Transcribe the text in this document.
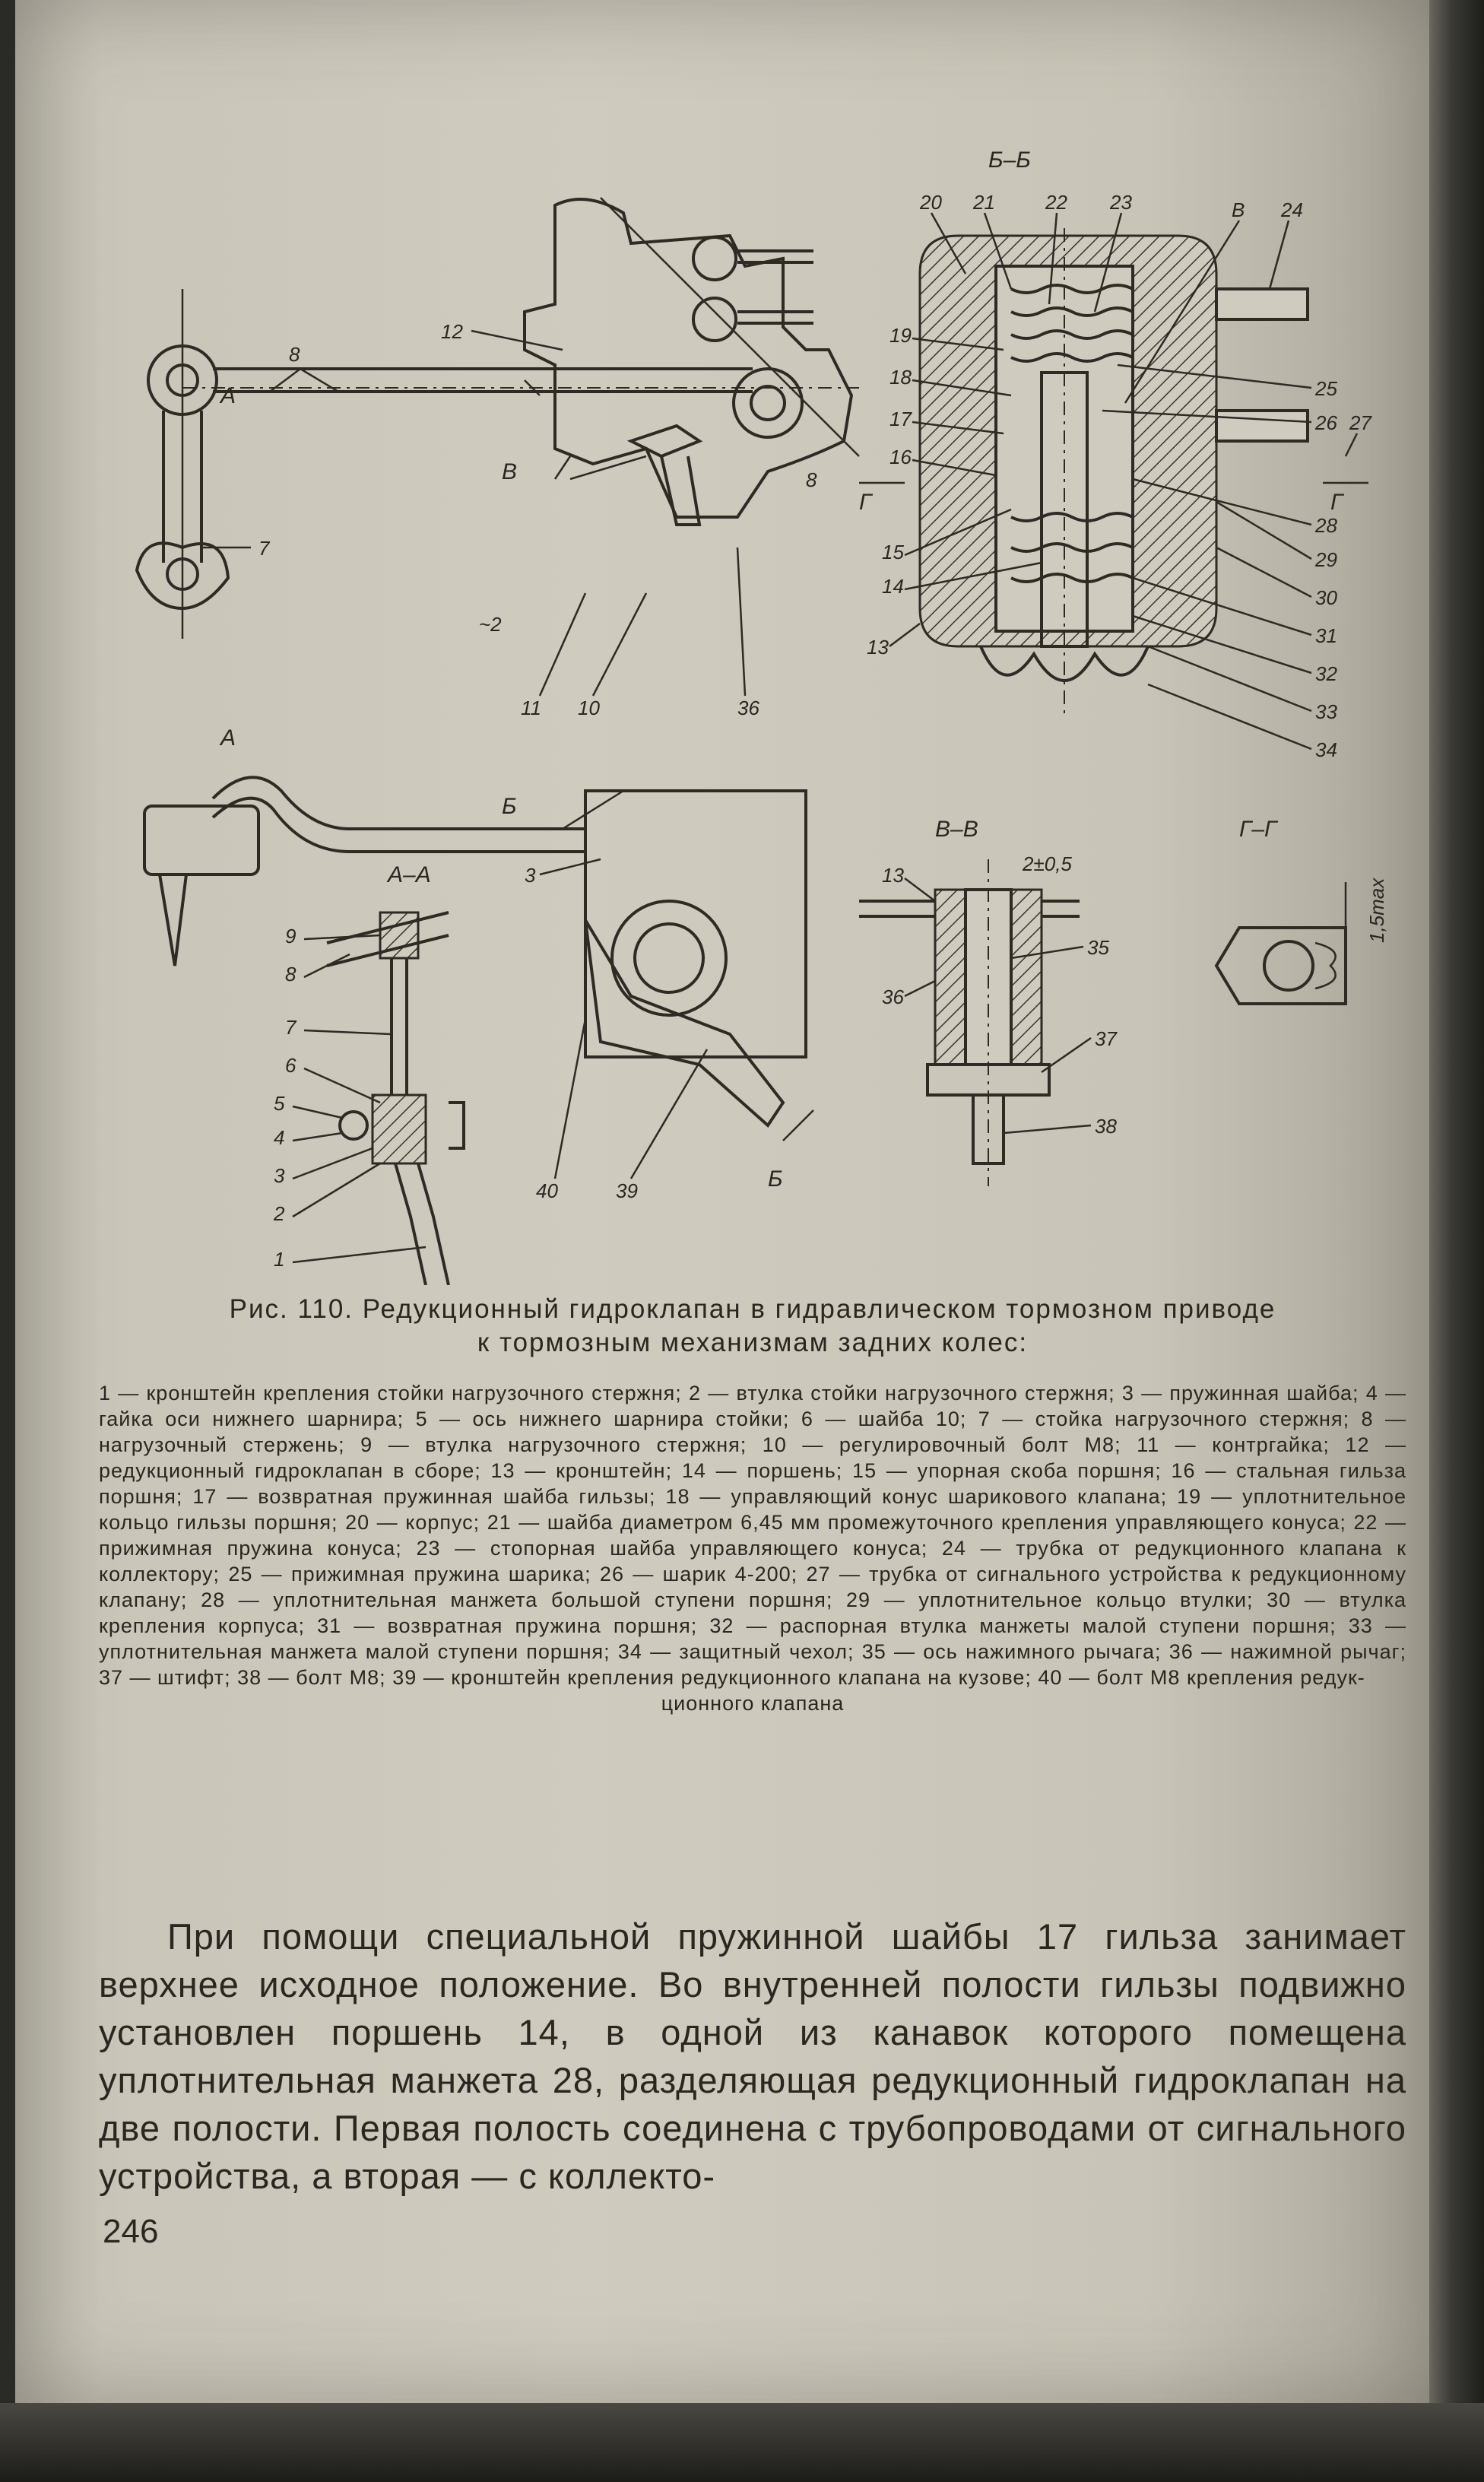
12
8
7
11 10	36
А
А
В	8
~2
Б–Б
Г	Г
20 21	22 23	В 24
19
18
17
16
15
14
13
25
26 27
28
29
30
31
32
33
34
Б
Б
3
40	39
А–А
9
8
7
6
5
4
3
2
1
В–В
2±0,5
13
35
36
37
38
Г–Г
1,5max
Рис. 110. Редукционный гидроклапан в гидравлическом тормозном приводе
к тормозным механизмам задних колес:
1 — кронштейн крепления стойки нагрузочного стержня; 2 — втулка стойки нагрузочного стержня; 3 — пружинная шайба; 4 — гайка оси нижнего шарнира; 5 — ось нижнего шарнира стойки; 6 — шайба 10; 7 — стойка нагрузочного стержня; 8 — нагрузочный стержень; 9 — втулка нагрузочного стержня; 10 — регулировочный болт М8; 11 — контргайка; 12 — редукционный гидроклапан в сборе; 13 — кронштейн; 14 — поршень; 15 — упорная скоба поршня; 16 — стальная гильза поршня; 17 — возвратная пружинная шайба гильзы; 18 — управляющий конус шарикового клапана; 19 — уплотнительное кольцо гильзы поршня; 20 — корпус; 21 — шайба диаметром 6,45 мм промежуточного крепления управляющего конуса; 22 — прижимная пружина конуса; 23 — стопорная шайба управляющего конуса; 24 — трубка от редукционного клапана к коллектору; 25 — прижимная пружина шарика; 26 — шарик 4-200; 27 — трубка от сигнального устройства к редукционному клапану; 28 — уплотнительная манжета большой ступени поршня; 29 — уплотнительное кольцо втулки; 30 — втулка крепления корпуса; 31 — возвратная пружина поршня; 32 — распорная втулка манжеты малой ступени поршня; 33 — уплотнительная манжета малой ступени поршня; 34 — защитный чехол; 35 — ось нажимного рычага; 36 — нажимной рычаг; 37 — штифт; 38 — болт М8; 39 — кронштейн крепления редукционного клапана на кузове; 40 — болт М8 крепления редук-
ционного клапана
При помощи специальной пружинной шайбы 17 гильза занимает верхнее исходное положение. Во внутренней полости гильзы подвижно установлен поршень 14, в одной из канавок которого помещена уплотнительная манжета 28, разделяющая редукционный гидроклапан на две полости. Первая полость соединена с трубопроводами от сигнального устройства, а вторая — с коллекто-
246
